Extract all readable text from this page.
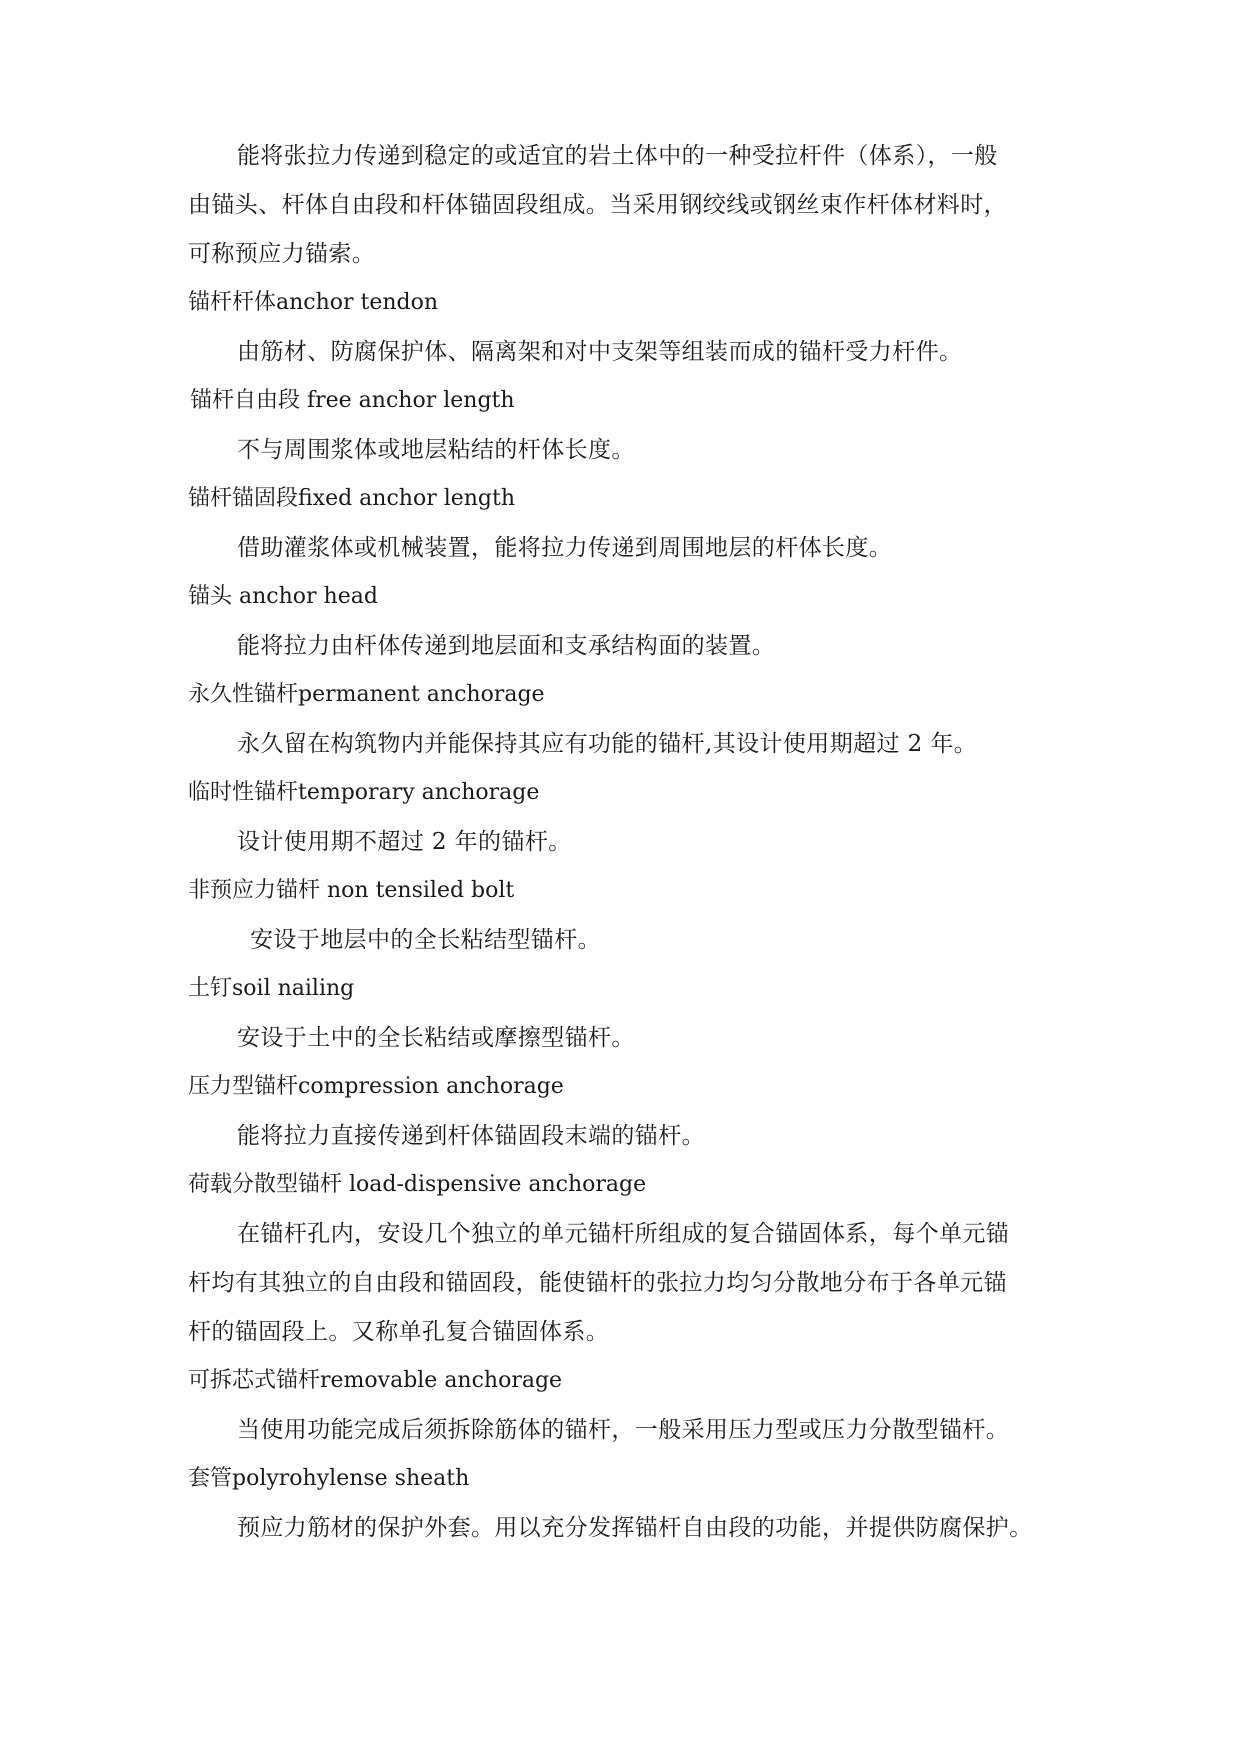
能将张拉力传递到稳定的或适宜的岩土体中的一种受拉杆件（体系），一般
由锚头、杆体自由段和杆体锚固段组成。当采用钢绞线或钢丝束作杆体材料时，
可称预应力锚索。
锚杆杆体anchor tendon
由筋材、防腐保护体、隔离架和对中支架等组装而成的锚杆受力杆件。
锚杆自由段 free anchor length
不与周围浆体或地层粘结的杆体长度。
锚杆锚固段fixed anchor length
借助灌浆体或机械装置，能将拉力传递到周围地层的杆体长度。
锚头 anchor head
能将拉力由杆体传递到地层面和支承结构面的装置。
永久性锚杆permanent anchorage
永久留在构筑物内并能保持其应有功能的锚杆,其设计使用期超过 2 年。
临时性锚杆temporary anchorage
设计使用期不超过 2 年的锚杆。
非预应力锚杆 non tensiled bolt
安设于地层中的全长粘结型锚杆。
土钉soil nailing
安设于土中的全长粘结或摩擦型锚杆。
压力型锚杆compression anchorage
能将拉力直接传递到杆体锚固段末端的锚杆。
荷载分散型锚杆 load-dispensive anchorage
在锚杆孔内，安设几个独立的单元锚杆所组成的复合锚固体系，每个单元锚
杆均有其独立的自由段和锚固段，能使锚杆的张拉力均匀分散地分布于各单元锚
杆的锚固段上。又称单孔复合锚固体系。
可拆芯式锚杆removable anchorage
当使用功能完成后须拆除筋体的锚杆，一般采用压力型或压力分散型锚杆。
套管polyrohylense sheath
预应力筋材的保护外套。用以充分发挥锚杆自由段的功能，并提供防腐保护。
